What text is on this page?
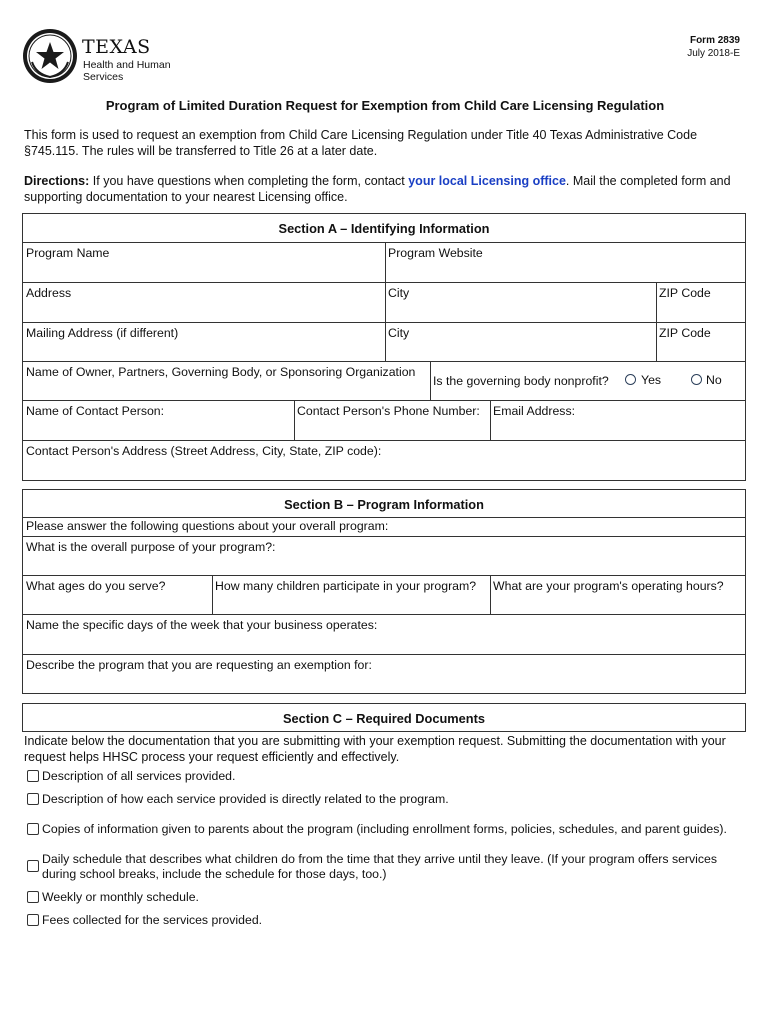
TEXAS
Health and Human
Services
Form 2839
July 2018-E
Program of Limited Duration Request for Exemption from Child Care Licensing Regulation
This form is used to request an exemption from Child Care Licensing Regulation under Title 40 Texas Administrative Code §745.115. The rules will be transferred to Title 26 at a later date.
Directions: If you have questions when completing the form, contact your local Licensing office. Mail the completed form and supporting documentation to your nearest Licensing office.
Section A – Identifying Information
Program Name	Program Website
Address	City	ZIP Code
Mailing Address (if different)	City	ZIP Code
Name of Owner, Partners, Governing Body, or Sponsoring Organization
Is the governing body nonprofit?	Yes	No
Name of Contact Person:	Contact Person's Phone Number:	Email Address:
Contact Person's Address (Street Address, City, State, ZIP code):
Section B – Program Information
Please answer the following questions about your overall program:
What is the overall purpose of your program?:
What ages do you serve?	How many children participate in your program?	What are your program's operating hours?
Name the specific days of the week that your business operates:
Describe the program that you are requesting an exemption for:
Section C – Required Documents
Indicate below the documentation that you are submitting with your exemption request. Submitting the documentation with your request helps HHSC process your request efficiently and effectively.
Description of all services provided.
Description of how each service provided is directly related to the program.
Copies of information given to parents about the program (including enrollment forms, policies, schedules, and parent guides).
Daily schedule that describes what children do from the time that they arrive until they leave. (If your program offers services during school breaks, include the schedule for those days, too.)
Weekly or monthly schedule.
Fees collected for the services provided.
